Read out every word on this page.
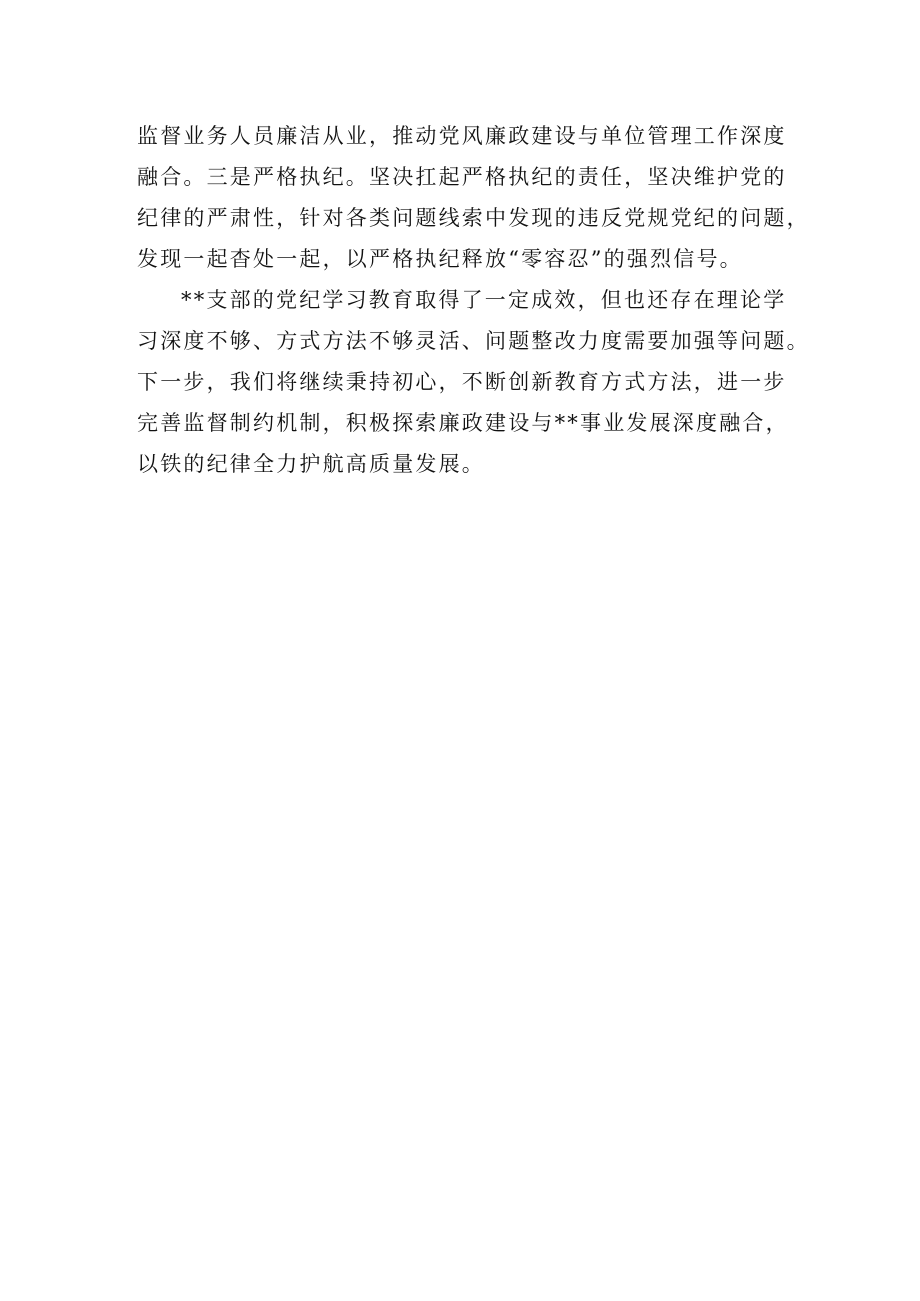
监督业务人员廉洁从业，推动党风廉政建设与单位管理工作深度
融合。三是严格执纪。坚决扛起严格执纪的责任，坚决维护党的
纪律的严肃性，针对各类问题线索中发现的违反党规党纪的问题，
发现一起杳处一起，以严格执纪释放“零容忍”的强烈信号。
**支部的党纪学习教育取得了一定成效，但也还存在理论学
习深度不够、方式方法不够灵活、问题整改力度需要加强等问题。
下一步，我们将继续秉持初心，不断创新教育方式方法，进一步
完善监督制约机制，积极探索廉政建设与**事业发展深度融合，
以铁的纪律全力护航高质量发展。
